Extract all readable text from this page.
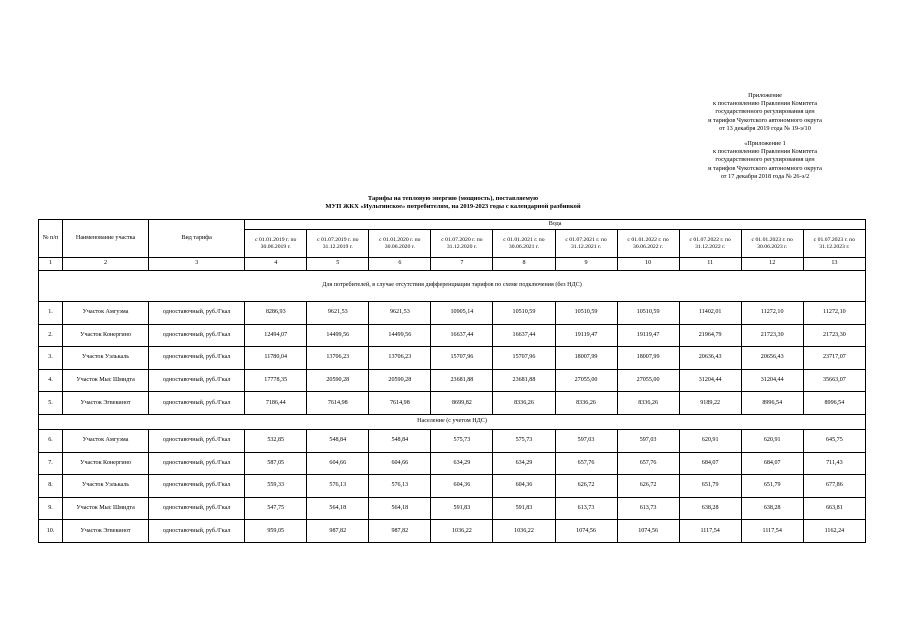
Приложение
к постановлению Правления Комитета
государственного регулирования цен
и тарифов Чукотского автономного округа
от 13 декабря 2019 года № 19-э/10
«Приложение 1
к постановлению Правления Комитета
государственного регулирования цен
и тарифов Чукотского автономного округа
от 17 декабря 2018 года № 26-э/2
Тарифы на тепловую энергию (мощность), поставляемую
МУП ЖКХ «Иультинское» потребителям, на 2019-2023 годы с календарной разбивкой
№ п/п	Наименование участка	Вид тарифа	Вода									
			с 01.01.2019 г. по 30.06.2019 г.	с 01.07.2019 г. по 31.12.2019 г.	с 01.01.2020 г. по 30.06.2020 г.	с 01.07.2020 г. по 31.12.2020 г.	с 01.01.2021 г. по 30.06.2021 г.	с 01.07.2021 г. по 31.12.2021 г.	с 01.01.2022 г. по 30.06.2022 г.	с 01.07.2022 г. по 31.12.2022 г.	с 01.01.2023 г. по 30.06.2023 г.	с 01.07.2023 г. по 31.12.2023 г.
1	2	3	4	5	6	7	8	9	10	11	12	13
Для потребителей, в случае отсутствия дифференциации тарифов по схеме подключения (без НДС)												
1.	Участок Амгуэма	одноставочный, руб./Гкал	8286,93	9621,53	9621,53	10905,14	10510,59	10510,59	10510,59	11402,01	11272,10	11272,10
2.	Участок Конергино	одноставочный, руб./Гкал	12494,07	14499,56	14499,56	16637,44	16637,44	19119,47	19119,47	21964,79	21723,30	21723,30
3.	Участок Уэлькаль	одноставочный, руб./Гкал	11780,04	13706,23	13706,23	15707,96	15707,96	18007,99	18007,99	20636,43	20656,43	23717,07
4.	Участок Мыс Шмидта	одноставочный, руб./Гкал	17778,35	20590,28	20590,28	23681,88	23681,88	27055,00	27055,00	31204,44	31204,44	35663,07
5.	Участок Эгвекинот	одноставочный, руб./Гкал	7186,44	7614,98	7614,98	8699,82	8336,26	8336,26	8336,26	9189,22	8996,54	8996,54
Население (с учетом НДС)												
6.	Участок Амгуэма	одноставочный, руб./Гкал	532,85	548,84	548,84	575,73	575,73	597,03	597,03	620,91	620,91	645,75
7.	Участок Конергино	одноставочный, руб./Гкал	587,05	604,66	604,66	634,29	634,29	657,76	657,76	684,07	684,07	711,43
8.	Участок Уэлькаль	одноставочный, руб./Гкал	559,33	576,13	576,13	604,36	604,36	626,72	626,72	651,79	651,79	677,86
9.	Участок Мыс Шмидта	одноставочный, руб./Гкал	547,75	564,18	564,18	591,83	591,83	613,73	613,73	638,28	638,28	663,81
10.	Участок Эгвекинот	одноставочный, руб./Гкал	959,05	987,82	987,82	1036,22	1036,22	1074,56	1074,56	1117,54	1117,54	1162,24
